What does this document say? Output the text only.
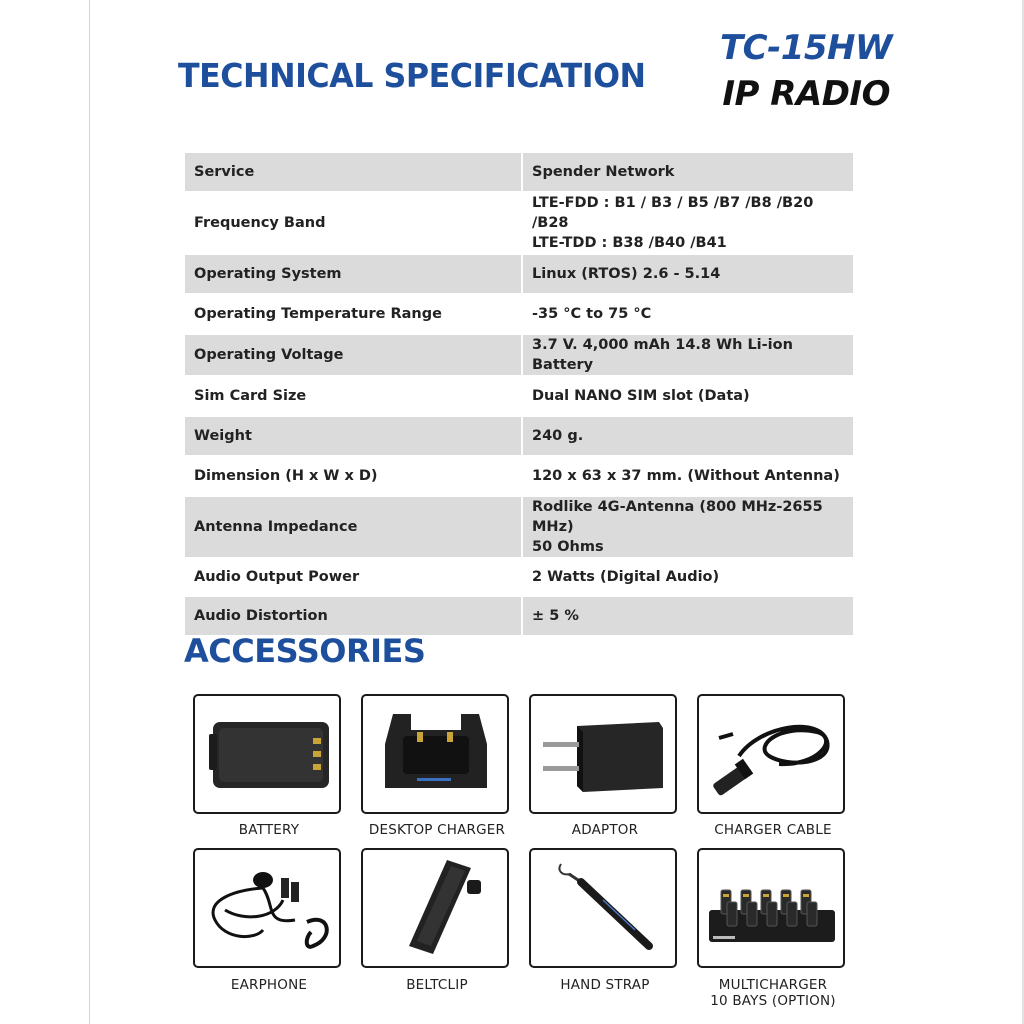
TECHNICAL SPECIFICATION
TC-15HW
IP RADIO
Service	Spender Network
Frequency Band	LTE-FDD : B1 / B3 / B5 /B7 /B8 /B20 /B28
LTE-TDD : B38 /B40 /B41
Operating System	Linux (RTOS) 2.6 - 5.14
Operating Temperature Range	-35 °C to 75 °C
Operating Voltage	3.7 V. 4,000 mAh 14.8 Wh Li-ion Battery
Sim Card Size	Dual NANO SIM slot (Data)
Weight	240 g.
Dimension (H x W x D)	120 x 63 x 37 mm. (Without Antenna)
Antenna Impedance	Rodlike 4G-Antenna (800 MHz-2655 MHz)
50 Ohms
Audio Output Power	2 Watts (Digital Audio)
Audio Distortion	± 5 %
ACCESSORIES
BATTERY	DESKTOP CHARGER	ADAPTOR	CHARGER CABLE
EARPHONE	BELTCLIP	HAND STRAP	MULTICHARGER
10 BAYS (OPTION)
